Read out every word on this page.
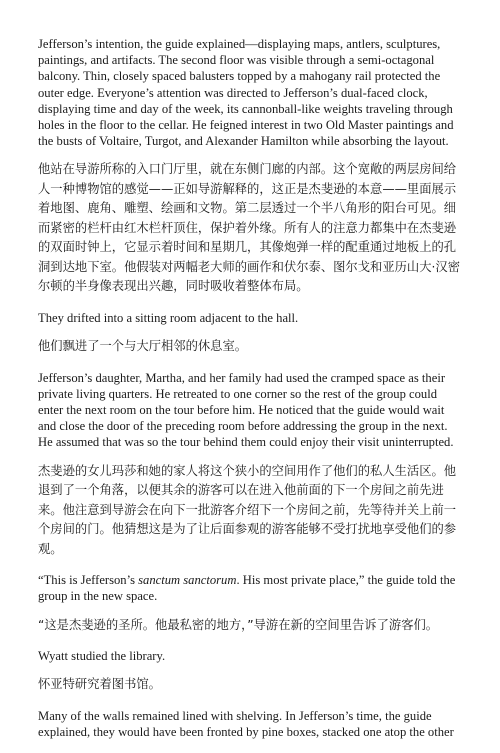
Jefferson’s intention, the guide explained—displaying maps, antlers, sculptures, paintings, and artifacts. The second floor was visible through a semi-octagonal balcony. Thin, closely spaced balusters topped by a mahogany rail protected the outer edge. Everyone’s attention was directed to Jefferson’s dual-faced clock, displaying time and day of the week, its cannonball-like weights traveling through holes in the floor to the cellar. He feigned interest in two Old Master paintings and the busts of Voltaire, Turgot, and Alexander Hamilton while absorbing the layout.

他站在导游所称的入口门厅里，就在东侧门廊的内部。这个宽敞的两层房间给人一种博物馆的感觉——正如导游解释的，这正是杰斐逊的本意——里面展示着地图、鹿角、雕塑、绘画和文物。第二层透过一个半八角形的阳台可见。细而紧密的栏杆由红木栏杆顶住，保护着外缘。所有人的注意力都集中在杰斐逊的双面时钟上，它显示着时间和星期几，其像炮弹一样的配重通过地板上的孔洞到达地下室。他假装对两幅老大师的画作和伏尔泰、图尔戈和亚历山大·汉密尔顿的半身像表现出兴趣，同时吸收着整体布局。

They drifted into a sitting room adjacent to the hall.

他们飘进了一个与大厅相邻的休息室。

Jefferson’s daughter, Martha, and her family had used the cramped space as their private living quarters. He retreated to one corner so the rest of the group could enter the next room on the tour before him. He noticed that the guide would wait and close the door of the preceding room before addressing the group in the next. He assumed that was so the tour behind them could enjoy their visit uninterrupted.

杰斐逊的女儿玛莎和她的家人将这个狭小的空间用作了他们的私人生活区。他退到了一个角落，以便其余的游客可以在进入他前面的下一个房间之前先进来。他注意到导游会在向下一批游客介绍下一个房间之前，先等待并关上前一个房间的门。他猜想这是为了让后面参观的游客能够不受打扰地享受他们的参观。

“This is Jefferson’s sanctum sanctorum. His most private place,” the guide told the group in the new space.

“这是杰斐逊的圣所。他最私密的地方，”导游在新的空间里告诉了游客们。

Wyatt studied the library.

怀亚特研究着图书馆。

Many of the walls remained lined with shelving. In Jefferson’s time, the guide explained, they would have been fronted by pine boxes, stacked one atop the other
